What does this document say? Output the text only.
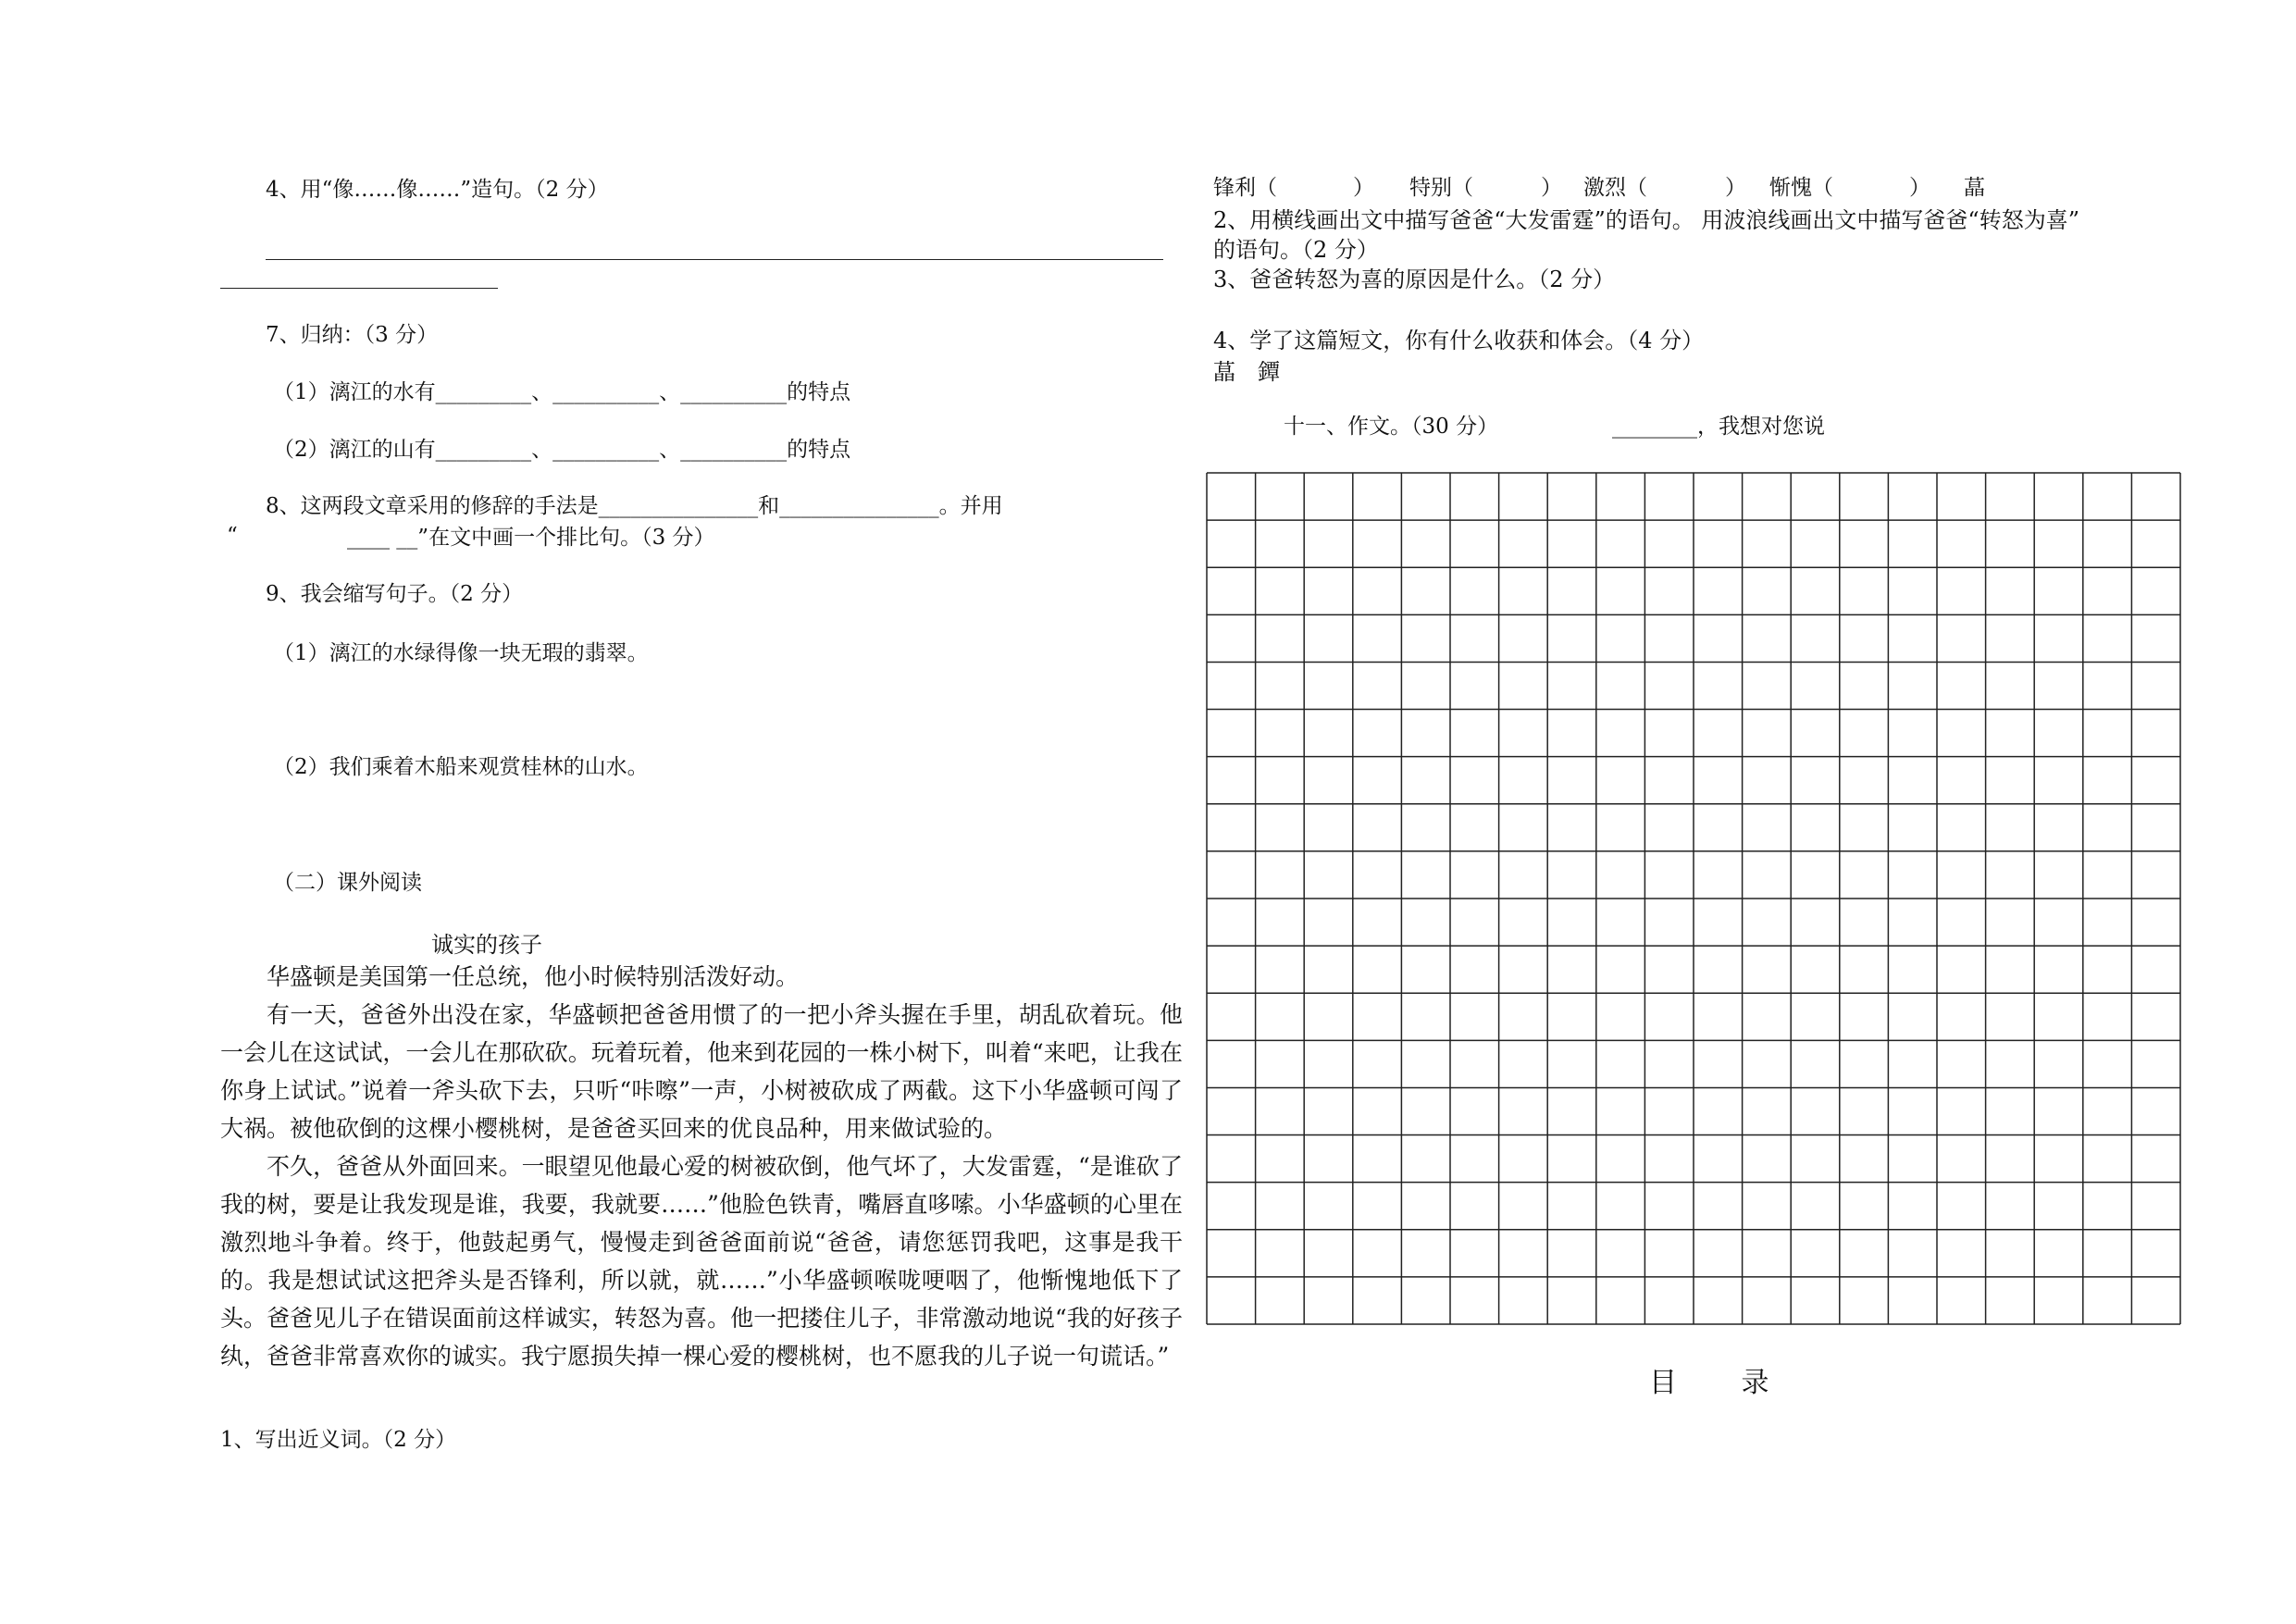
4、用“像……像……”造句。（2 分）
7、归纳：（3 分）
（1）漓江的水有_________、__________、__________的特点
（2）漓江的山有_________、__________、__________的特点
8、这两段文章采用的修辞的手法是_______________和_______________。并用
“	____ __”在文中画一个排比句。（3 分）
9、我会缩写句子。（2 分）
（1）漓江的水绿得像一块无瑕的翡翠。
（2）我们乘着木船来观赏桂林的山水。
（二）课外阅读
诚实的孩子

华盛顿是美国第一任总统，他小时候特别活泼好动。

有一天，爸爸外出没在家，华盛顿把爸爸用惯了的一把小斧头握在手里，胡乱砍着玩。他一会儿在这试试，一会儿在那砍砍。玩着玩着，他来到花园的一株小树下，叫着“来吧，让我在你身上试试。”说着一斧头砍下去，只听“咔嚓”一声，小树被砍成了两截。这下小华盛顿可闯了大祸。被他砍倒的这棵小樱桃树，是爸爸买回来的优良品种，用来做试验的。

不久，爸爸从外面回来。一眼望见他最心爱的树被砍倒，他气坏了，大发雷霆，“是谁砍了我的树，要是让我发现是谁，我要，我就要……”他脸色铁青，嘴唇直哆嗦。小华盛顿的心里在激烈地斗争着。终于，他鼓起勇气，慢慢走到爸爸面前说“爸爸，请您惩罚我吧，这事是我干的。我是想试试这把斧头是否锋利，所以就，就……”小华盛顿喉咙哽咽了，他惭愧地低下了头。爸爸见儿子在错误面前这样诚实，转怒为喜。他一把搂住儿子，非常激动地说“我的好孩子纨，爸爸非常喜欢你的诚实。我宁愿损失掉一棵心爱的樱桃树，也不愿我的儿子说一句谎话。”

1、写出近义词。（2 分）
锋利（	） 特别（	） 激烈（	） 惭愧（	） 蕌
2、用横线画出文中描写爸爸“大发雷霆”的语句。 用波浪线画出文中描写爸爸“转怒为喜”
的语句。（2 分）
3、爸爸转怒为喜的原因是什么。（2 分）
4、学了这篇短文，你有什么收获和体会。（4 分）
蕌　鐔
十一、作文。（30 分）	________，我想对您说
目 录
